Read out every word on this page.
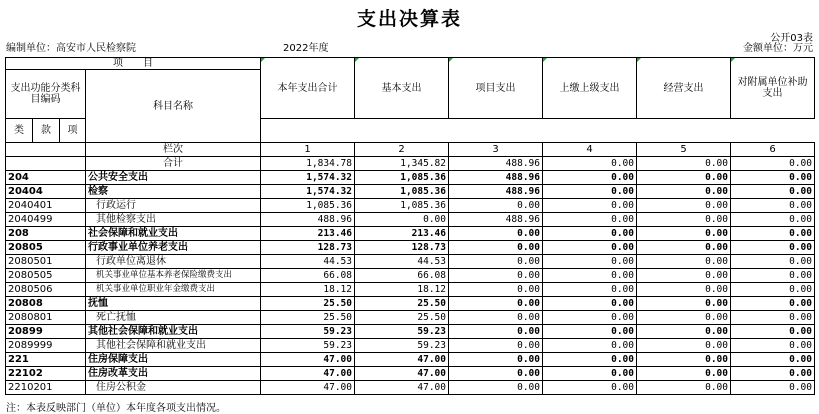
支出决算表
公开03表
编制单位：高安市人民检察院	2022年度	金额单位：万元
项　　目				本年支出合计	基本支出	项目支出	上缴上级支出	经营支出	对附属单位补助支出
支出功能分类科目编码			科目名称						
类	款	项							
			栏次	1	2	3	4	5	6
			合计	1,834.78	1,345.82	488.96	0.00	0.00	0.00
204			公共安全支出	1,574.32	1,085.36	488.96	0.00	0.00	0.00
20404			检察	1,574.32	1,085.36	488.96	0.00	0.00	0.00
2040401			行政运行	1,085.36	1,085.36	0.00	0.00	0.00	0.00
2040499			其他检察支出	488.96	0.00	488.96	0.00	0.00	0.00
208			社会保障和就业支出	213.46	213.46	0.00	0.00	0.00	0.00
20805			行政事业单位养老支出	128.73	128.73	0.00	0.00	0.00	0.00
2080501			行政单位离退休	44.53	44.53	0.00	0.00	0.00	0.00
2080505			机关事业单位基本养老保险缴费支出	66.08	66.08	0.00	0.00	0.00	0.00
2080506			机关事业单位职业年金缴费支出	18.12	18.12	0.00	0.00	0.00	0.00
20808			抚恤	25.50	25.50	0.00	0.00	0.00	0.00
2080801			死亡抚恤	25.50	25.50	0.00	0.00	0.00	0.00
20899			其他社会保障和就业支出	59.23	59.23	0.00	0.00	0.00	0.00
2089999			其他社会保障和就业支出	59.23	59.23	0.00	0.00	0.00	0.00
221			住房保障支出	47.00	47.00	0.00	0.00	0.00	0.00
22102			住房改革支出	47.00	47.00	0.00	0.00	0.00	0.00
2210201			住房公积金	47.00	47.00	0.00	0.00	0.00	0.00
注：本表反映部门（单位）本年度各项支出情况。
